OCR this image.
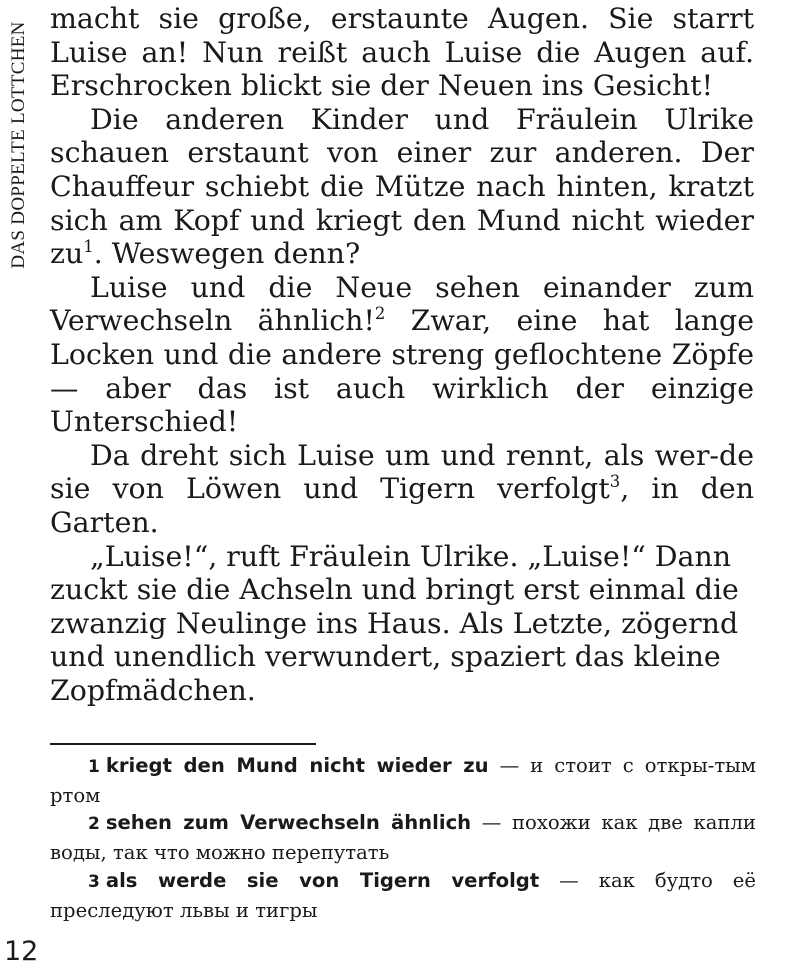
DAS DOPPELTE LOTTCHEN

macht sie große, erstaunte Augen. Sie starrt Luise an! Nun reißt auch Luise die Augen auf. Erschrocken blickt sie der Neuen ins Gesicht!

Die anderen Kinder und Fräulein Ulrike schauen erstaunt von einer zur anderen. Der Chauffeur schiebt die Mütze nach hinten, kratzt sich am Kopf und kriegt den Mund nicht wieder $zu^1$. Weswegen denn?

Luise und die Neue sehen einander zum Verwechseln ähnlich!$^2$ Zwar, eine hat lange Locken und die andere streng geflochtene Zöpfe — aber das ist auch wirklich der einzige Unterschied!

Da dreht sich Luise um und rennt, als wer-de sie von Löwen und Tigern verfolgt$^3$, in den Garten.

„Luise!“, ruft Fräulein Ulrike. „Luise!“ Dann zuckt sie die Achseln und bringt erst einmal die zwanzig Neulinge ins Haus. Als Letzte, zögernd und unendlich verwundert, spaziert das kleine Zopfmädchen.

1 kriegt den Mund nicht wieder zu — и стоит с откры-тым ртом

2 sehen zum Verwechseln ähnlich — похожи как две капли воды, так что можно перепутать

3 als werde sie von Tigern verfolgt — как будто её преследуют львы и тигры

12
